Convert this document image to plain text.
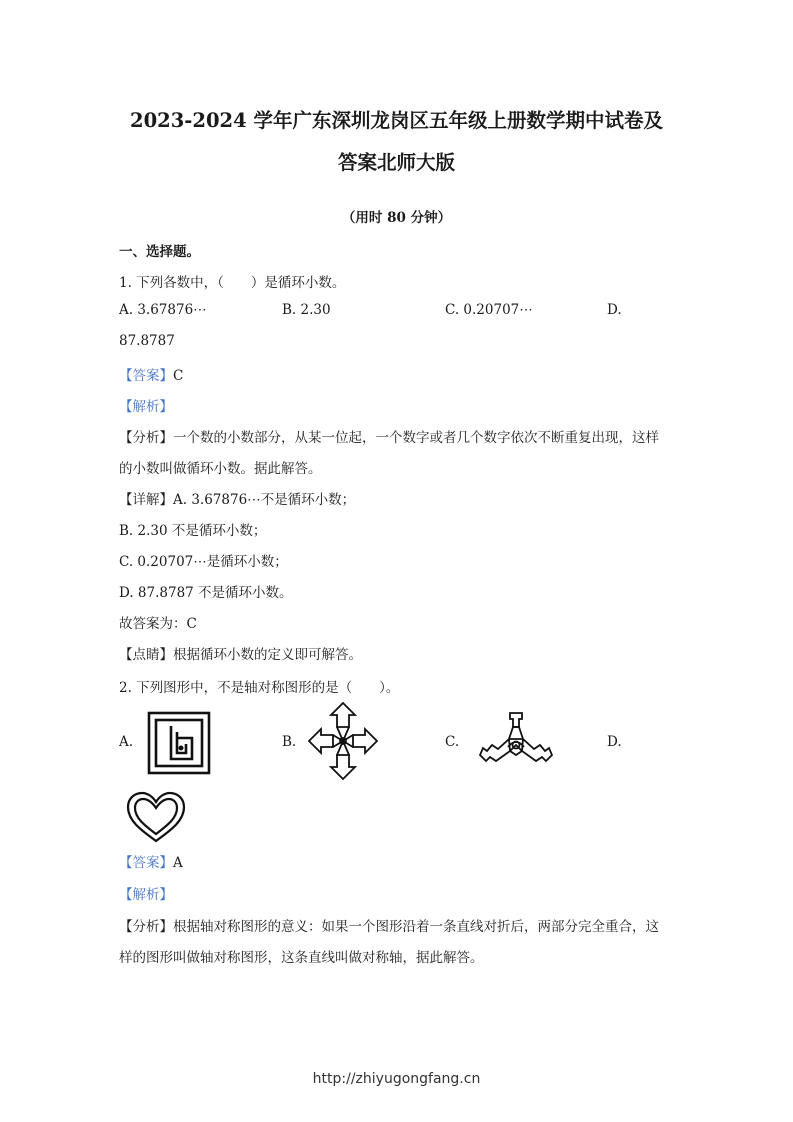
2023-2024 学年广东深圳龙岗区五年级上册数学期中试卷及
答案北师大版
（用时 80 分钟）
一、选择题。
1. 下列各数中，（　　）是循环小数。
A. 3.67876⋯	B. 2.30	C. 0.20707⋯	D.
87.8787
【答案】C
【解析】
【分析】一个数的小数部分，从某一位起，一个数字或者几个数字依次不断重复出现，这样
的小数叫做循环小数。据此解答。
【详解】A. 3.67876⋯不是循环小数；
B. 2.30 不是循环小数；
C. 0.20707⋯是循环小数；
D. 87.8787 不是循环小数。
故答案为：C
【点睛】根据循环小数的定义即可解答。
2. 下列图形中，不是轴对称图形的是（　　）。
A.	B.	C.	D.
【答案】A
【解析】
【分析】根据轴对称图形的意义：如果一个图形沿着一条直线对折后，两部分完全重合，这
样的图形叫做轴对称图形，这条直线叫做对称轴，据此解答。
http://zhiyugongfang.cn
